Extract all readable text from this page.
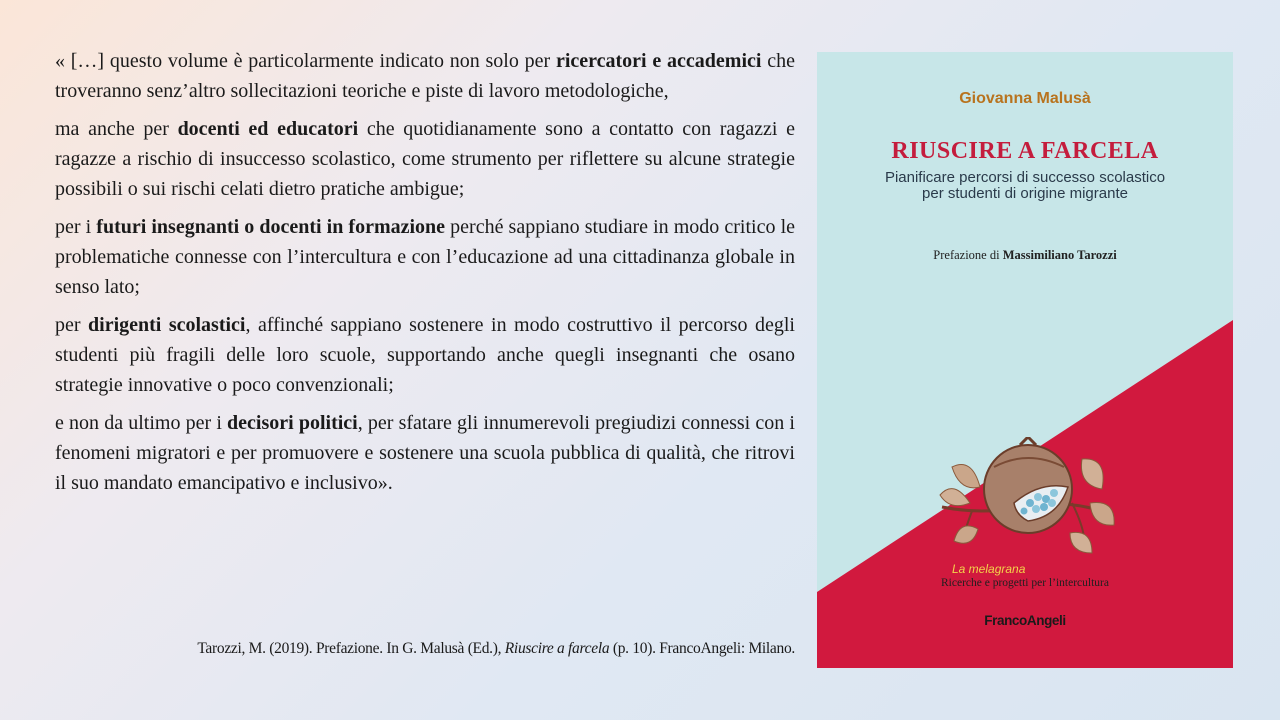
« […] questo volume è particolarmente indicato non solo per ricercatori e accademici che troveranno senz’altro sollecitazioni teoriche e piste di lavoro metodologiche,

ma anche per docenti ed educatori che quotidianamente sono a contatto con ragazzi e ragazze a rischio di insuccesso scolastico, come strumento per riflettere su alcune strategie possibili o sui rischi celati dietro pratiche ambigue;

per i futuri insegnanti o docenti in formazione perché sappiano studiare in modo critico le problematiche connesse con l’intercultura e con l’educazione ad una cittadinanza globale in senso lato;

per dirigenti scolastici, affinché sappiano sostenere in modo costruttivo il percorso degli studenti più fragili delle loro scuole, supportando anche quegli insegnanti che osano strategie innovative o poco convenzionali;

e non da ultimo per i decisori politici, per sfatare gli innumerevoli pregiudizi connessi con i fenomeni migratori e per promuovere e sostenere una scuola pubblica di qualità, che ritrovi il suo mandato emancipativo e inclusivo».

Tarozzi, M. (2019). Prefazione. In G. Malusà (Ed.), Riuscire a farcela (p. 10). FrancoAngeli: Milano.
Giovanna Malusà
RIUSCIRE A FARCELA
Pianificare percorsi di successo scolastico
per studenti di origine migrante
Prefazione di Massimiliano Tarozzi
La melagrana
Ricerche e progetti per l’intercultura
FrancoAngeli
